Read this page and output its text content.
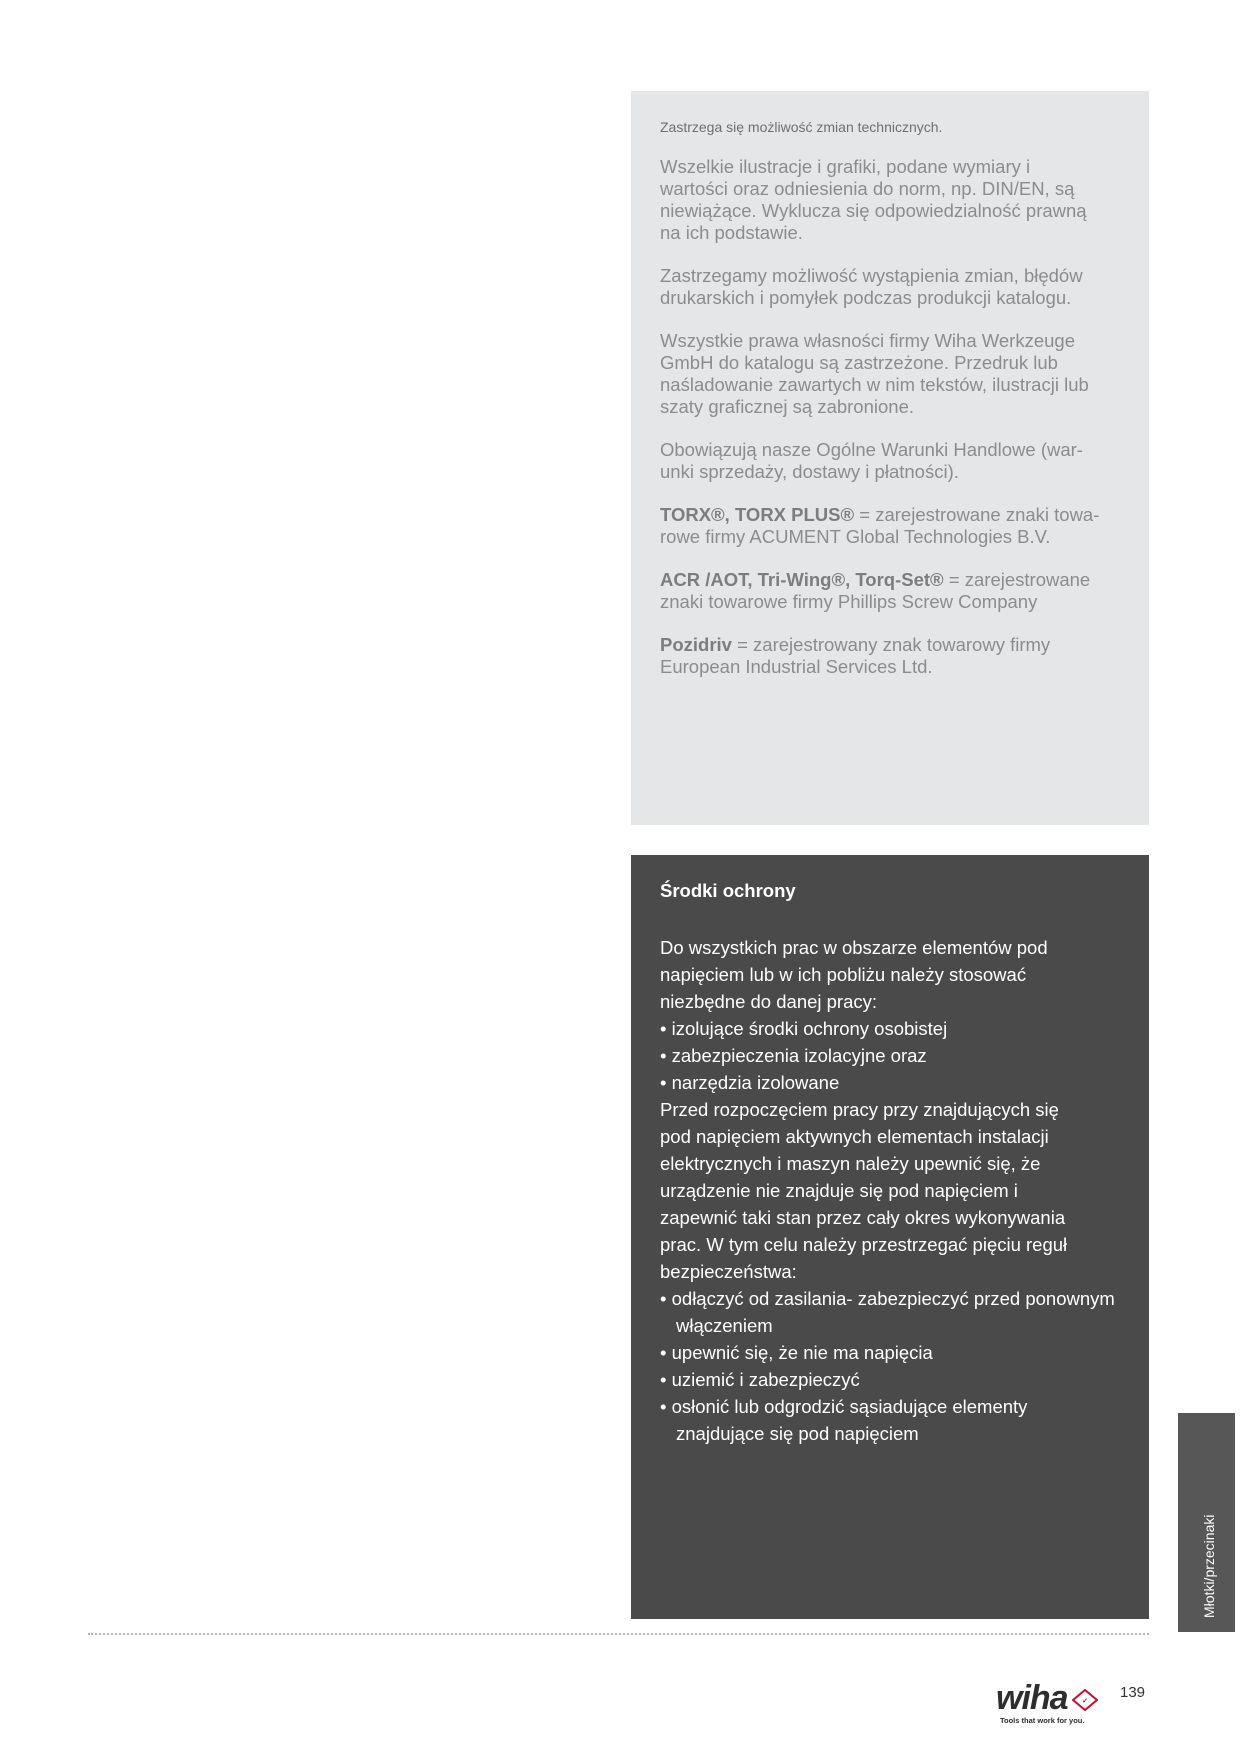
Zastrzega się możliwość zmian technicznych.

Wszelkie ilustracje i grafiki, podane wymiary i
wartości oraz odniesienia do norm, np. DIN/EN, są
niewiążące. Wyklucza się odpowiedzialność prawną
na ich podstawie.

Zastrzegamy możliwość wystąpienia zmian, błędów
drukarskich i pomyłek podczas produkcji katalogu.

Wszystkie prawa własności firmy Wiha Werkzeuge
GmbH do katalogu są zastrzeżone. Przedruk lub
naśladowanie zawartych w nim tekstów, ilustracji lub
szaty graficznej są zabronione.

Obowiązują nasze Ogólne Warunki Handlowe (war-
unki sprzedaży, dostawy i płatności).

TORX®, TORX PLUS® = zarejestrowane znaki towa-
rowe firmy ACUMENT Global Technologies B.V.

ACR /AOT, Tri-Wing®, Torq-Set® = zarejestrowane
znaki towarowe firmy Phillips Screw Company

Pozidriv = zarejestrowany znak towarowy firmy
European Industrial Services Ltd.

Środki ochrony
Do wszystkich prac w obszarze elementów pod
napięciem lub w ich pobliżu należy stosować
niezbędne do danej pracy:
• izolujące środki ochrony osobistej
• zabezpieczenia izolacyjne oraz
• narzędzia izolowane
Przed rozpoczęciem pracy przy znajdujących się
pod napięciem aktywnych elementach instalacji
elektrycznych i maszyn należy upewnić się, że
urządzenie nie znajduje się pod napięciem i
zapewnić taki stan przez cały okres wykonywania
prac. W tym celu należy przestrzegać pięciu reguł
bezpieczeństwa:
• odłączyć od zasilania- zabezpieczyć przed ponownym włączeniem
• upewnić się, że nie ma napięcia
• uziemić i zabezpieczyć
• osłonić lub odgrodzić sąsiadujące elementy znajdujące się pod napięciem
Młotki/przecinaki
wiha ✓
Tools that work for you.
139
